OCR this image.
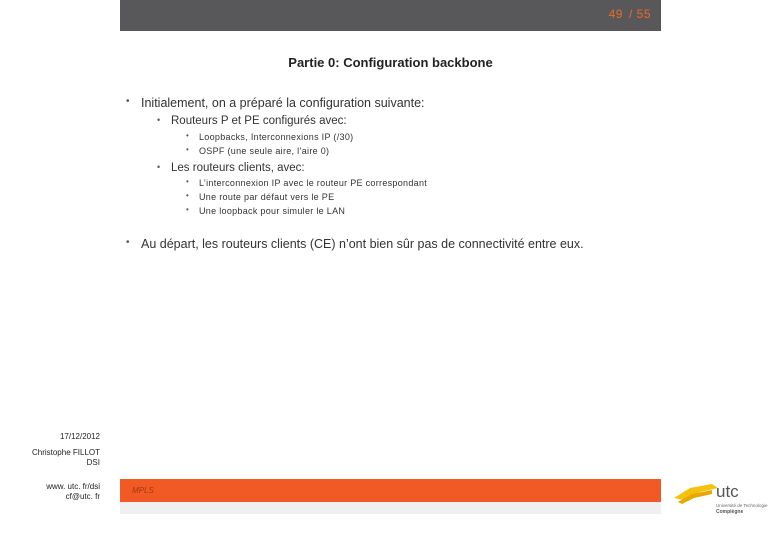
49 / 55
Partie 0: Configuration backbone
• Initialement, on a préparé la configuration suivante:
• Routeurs P et PE configurés avec:
• Loopbacks, Interconnexions IP (/30)
• OSPF (une seule aire, l’aire 0)
• Les routeurs clients, avec:
• L’interconnexion IP avec le routeur PE correspondant
• Une route par défaut vers le PE
• Une loopback pour simuler le LAN
• Au départ, les routeurs clients (CE) n’ont bien sûr pas de connectivité entre eux.
17/12/2012
Christophe FILLOT
DSI
www. utc. fr/dsi
cf@utc. fr
MPLS	utc
Université de Technologie
Compiègne
